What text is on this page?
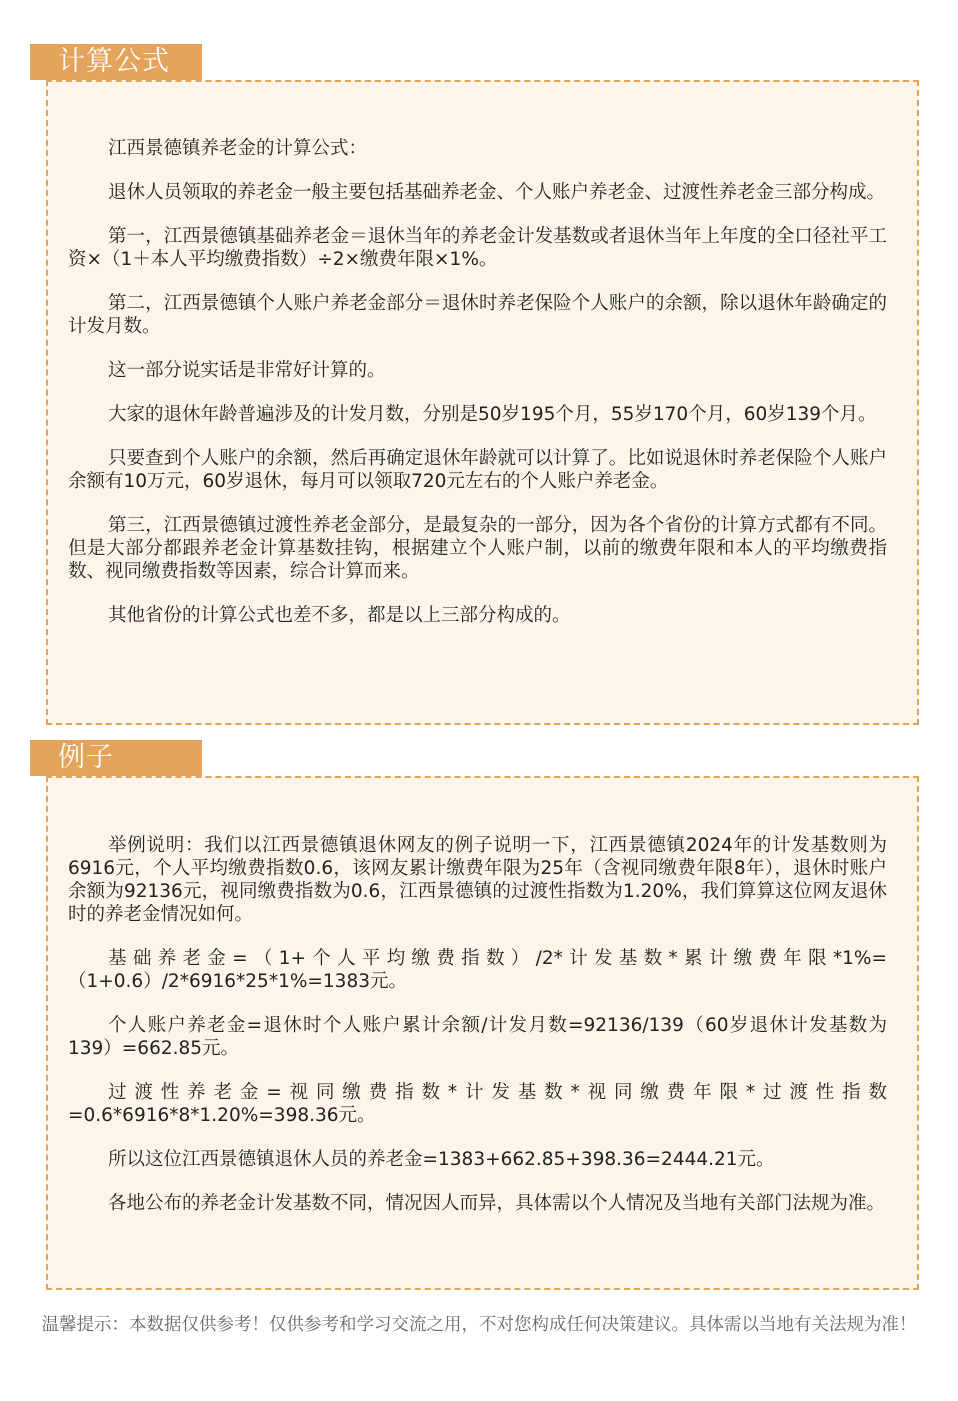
计算公式

江西景德镇养老金的计算公式：

退休人员领取的养老金一般主要包括基础养老金、个人账户养老金、过渡性养老金三部分构成。

第一，江西景德镇基础养老金＝退休当年的养老金计发基数或者退休当年上年度的全口径社平工资×（1＋本人平均缴费指数）÷2×缴费年限×1%。

第二，江西景德镇个人账户养老金部分＝退休时养老保险个人账户的余额，除以退休年龄确定的计发月数。

这一部分说实话是非常好计算的。

大家的退休年龄普遍涉及的计发月数，分别是50岁195个月，55岁170个月，60岁139个月。

只要查到个人账户的余额，然后再确定退休年龄就可以计算了。比如说退休时养老保险个人账户余额有10万元，60岁退休，每月可以领取720元左右的个人账户养老金。

第三，江西景德镇过渡性养老金部分，是最复杂的一部分，因为各个省份的计算方式都有不同。但是大部分都跟养老金计算基数挂钩，根据建立个人账户制，以前的缴费年限和本人的平均缴费指数、视同缴费指数等因素，综合计算而来。

其他省份的计算公式也差不多，都是以上三部分构成的。

例子

举例说明：我们以江西景德镇退休网友的例子说明一下，江西景德镇2024年的计发基数则为6916元，个人平均缴费指数0.6，该网友累计缴费年限为25年（含视同缴费年限8年），退休时账户余额为92136元，视同缴费指数为0.6，江西景德镇的过渡性指数为1.20%，我们算算这位网友退休时的养老金情况如何。

基础养老金=（1+个人平均缴费指数）/2*计发基数*累计缴费年限*1%=（1+0.6）/2*6916*25*1%=1383元。

个人账户养老金=退休时个人账户累计余额/计发月数=92136/139（60岁退休计发基数为139）=662.85元。

过渡性养老金=视同缴费指数*计发基数*视同缴费年限*过渡性指数=0.6*6916*8*1.20%=398.36元。

所以这位江西景德镇退休人员的养老金=1383+662.85+398.36=2444.21元。

各地公布的养老金计发基数不同，情况因人而异，具体需以个人情况及当地有关部门法规为准。

温馨提示：本数据仅供参考！仅供参考和学习交流之用，不对您构成任何决策建议。具体需以当地有关法规为准！
